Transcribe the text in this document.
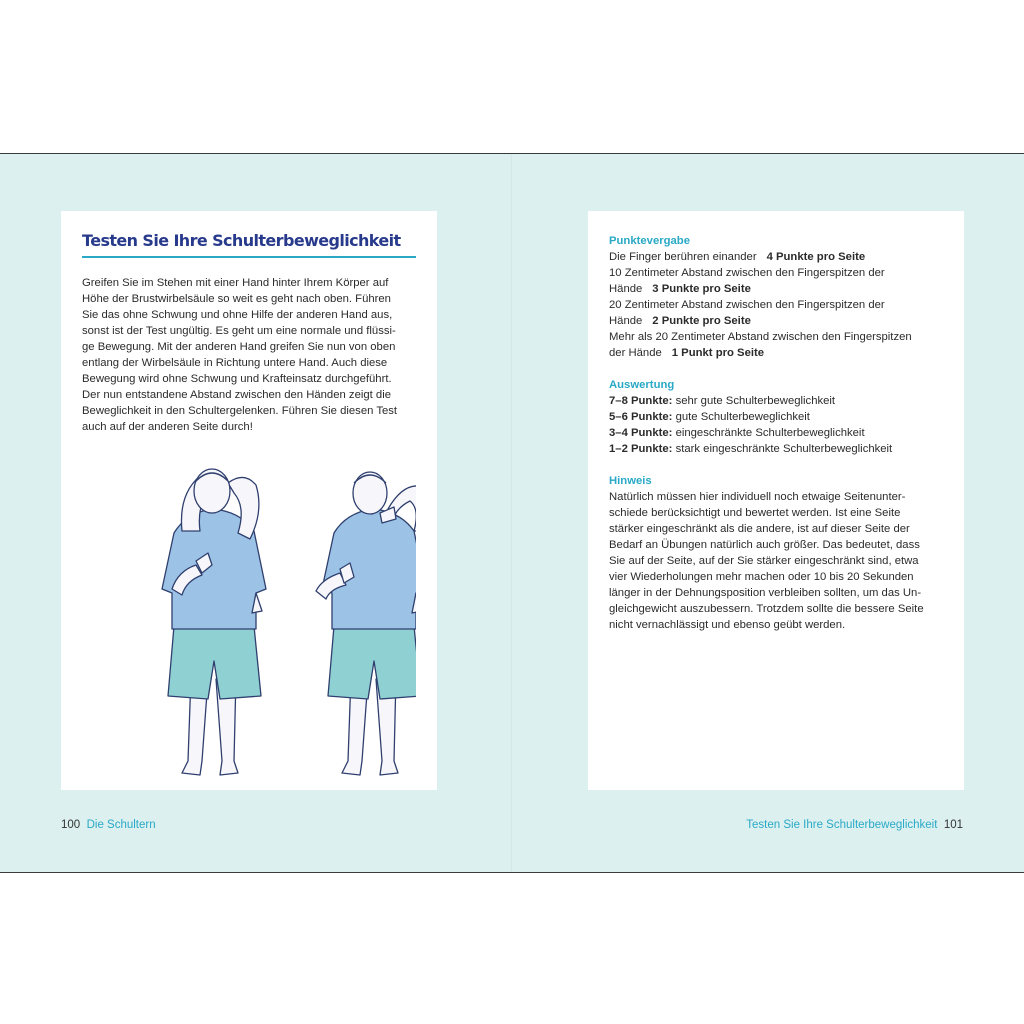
Testen Sie Ihre Schulterbeweglichkeit
Greifen Sie im Stehen mit einer Hand hinter Ihrem Körper auf
Höhe der Brustwirbelsäule so weit es geht nach oben. Führen
Sie das ohne Schwung und ohne Hilfe der anderen Hand aus,
sonst ist der Test ungültig. Es geht um eine normale und flüssi-
ge Bewegung. Mit der anderen Hand greifen Sie nun von oben
entlang der Wirbelsäule in Richtung untere Hand. Auch diese
Bewegung wird ohne Schwung und Krafteinsatz durchgeführt.
Der nun entstandene Abstand zwischen den Händen zeigt die
Beweglichkeit in den Schultergelenken. Führen Sie diesen Test
auch auf der anderen Seite durch!
100 Die Schultern
Punktevergabe
Die Finger berühren einander 4 Punkte pro Seite
10 Zentimeter Abstand zwischen den Fingerspitzen der
Hände 3 Punkte pro Seite
20 Zentimeter Abstand zwischen den Fingerspitzen der
Hände 2 Punkte pro Seite
Mehr als 20 Zentimeter Abstand zwischen den Fingerspitzen
der Hände 1 Punkt pro Seite
Auswertung
7–8 Punkte: sehr gute Schulterbeweglichkeit
5–6 Punkte: gute Schulterbeweglichkeit
3–4 Punkte: eingeschränkte Schulterbeweglichkeit
1–2 Punkte: stark eingeschränkte Schulterbeweglichkeit
Hinweis
Natürlich müssen hier individuell noch etwaige Seitenunter-
schiede berücksichtigt und bewertet werden. Ist eine Seite
stärker eingeschränkt als die andere, ist auf dieser Seite der
Bedarf an Übungen natürlich auch größer. Das bedeutet, dass
Sie auf der Seite, auf der Sie stärker eingeschränkt sind, etwa
vier Wiederholungen mehr machen oder 10 bis 20 Sekunden
länger in der Dehnungsposition verbleiben sollten, um das Un-
gleichgewicht auszubessern. Trotzdem sollte die bessere Seite
nicht vernachlässigt und ebenso geübt werden.
Testen Sie Ihre Schulterbeweglichkeit 101
